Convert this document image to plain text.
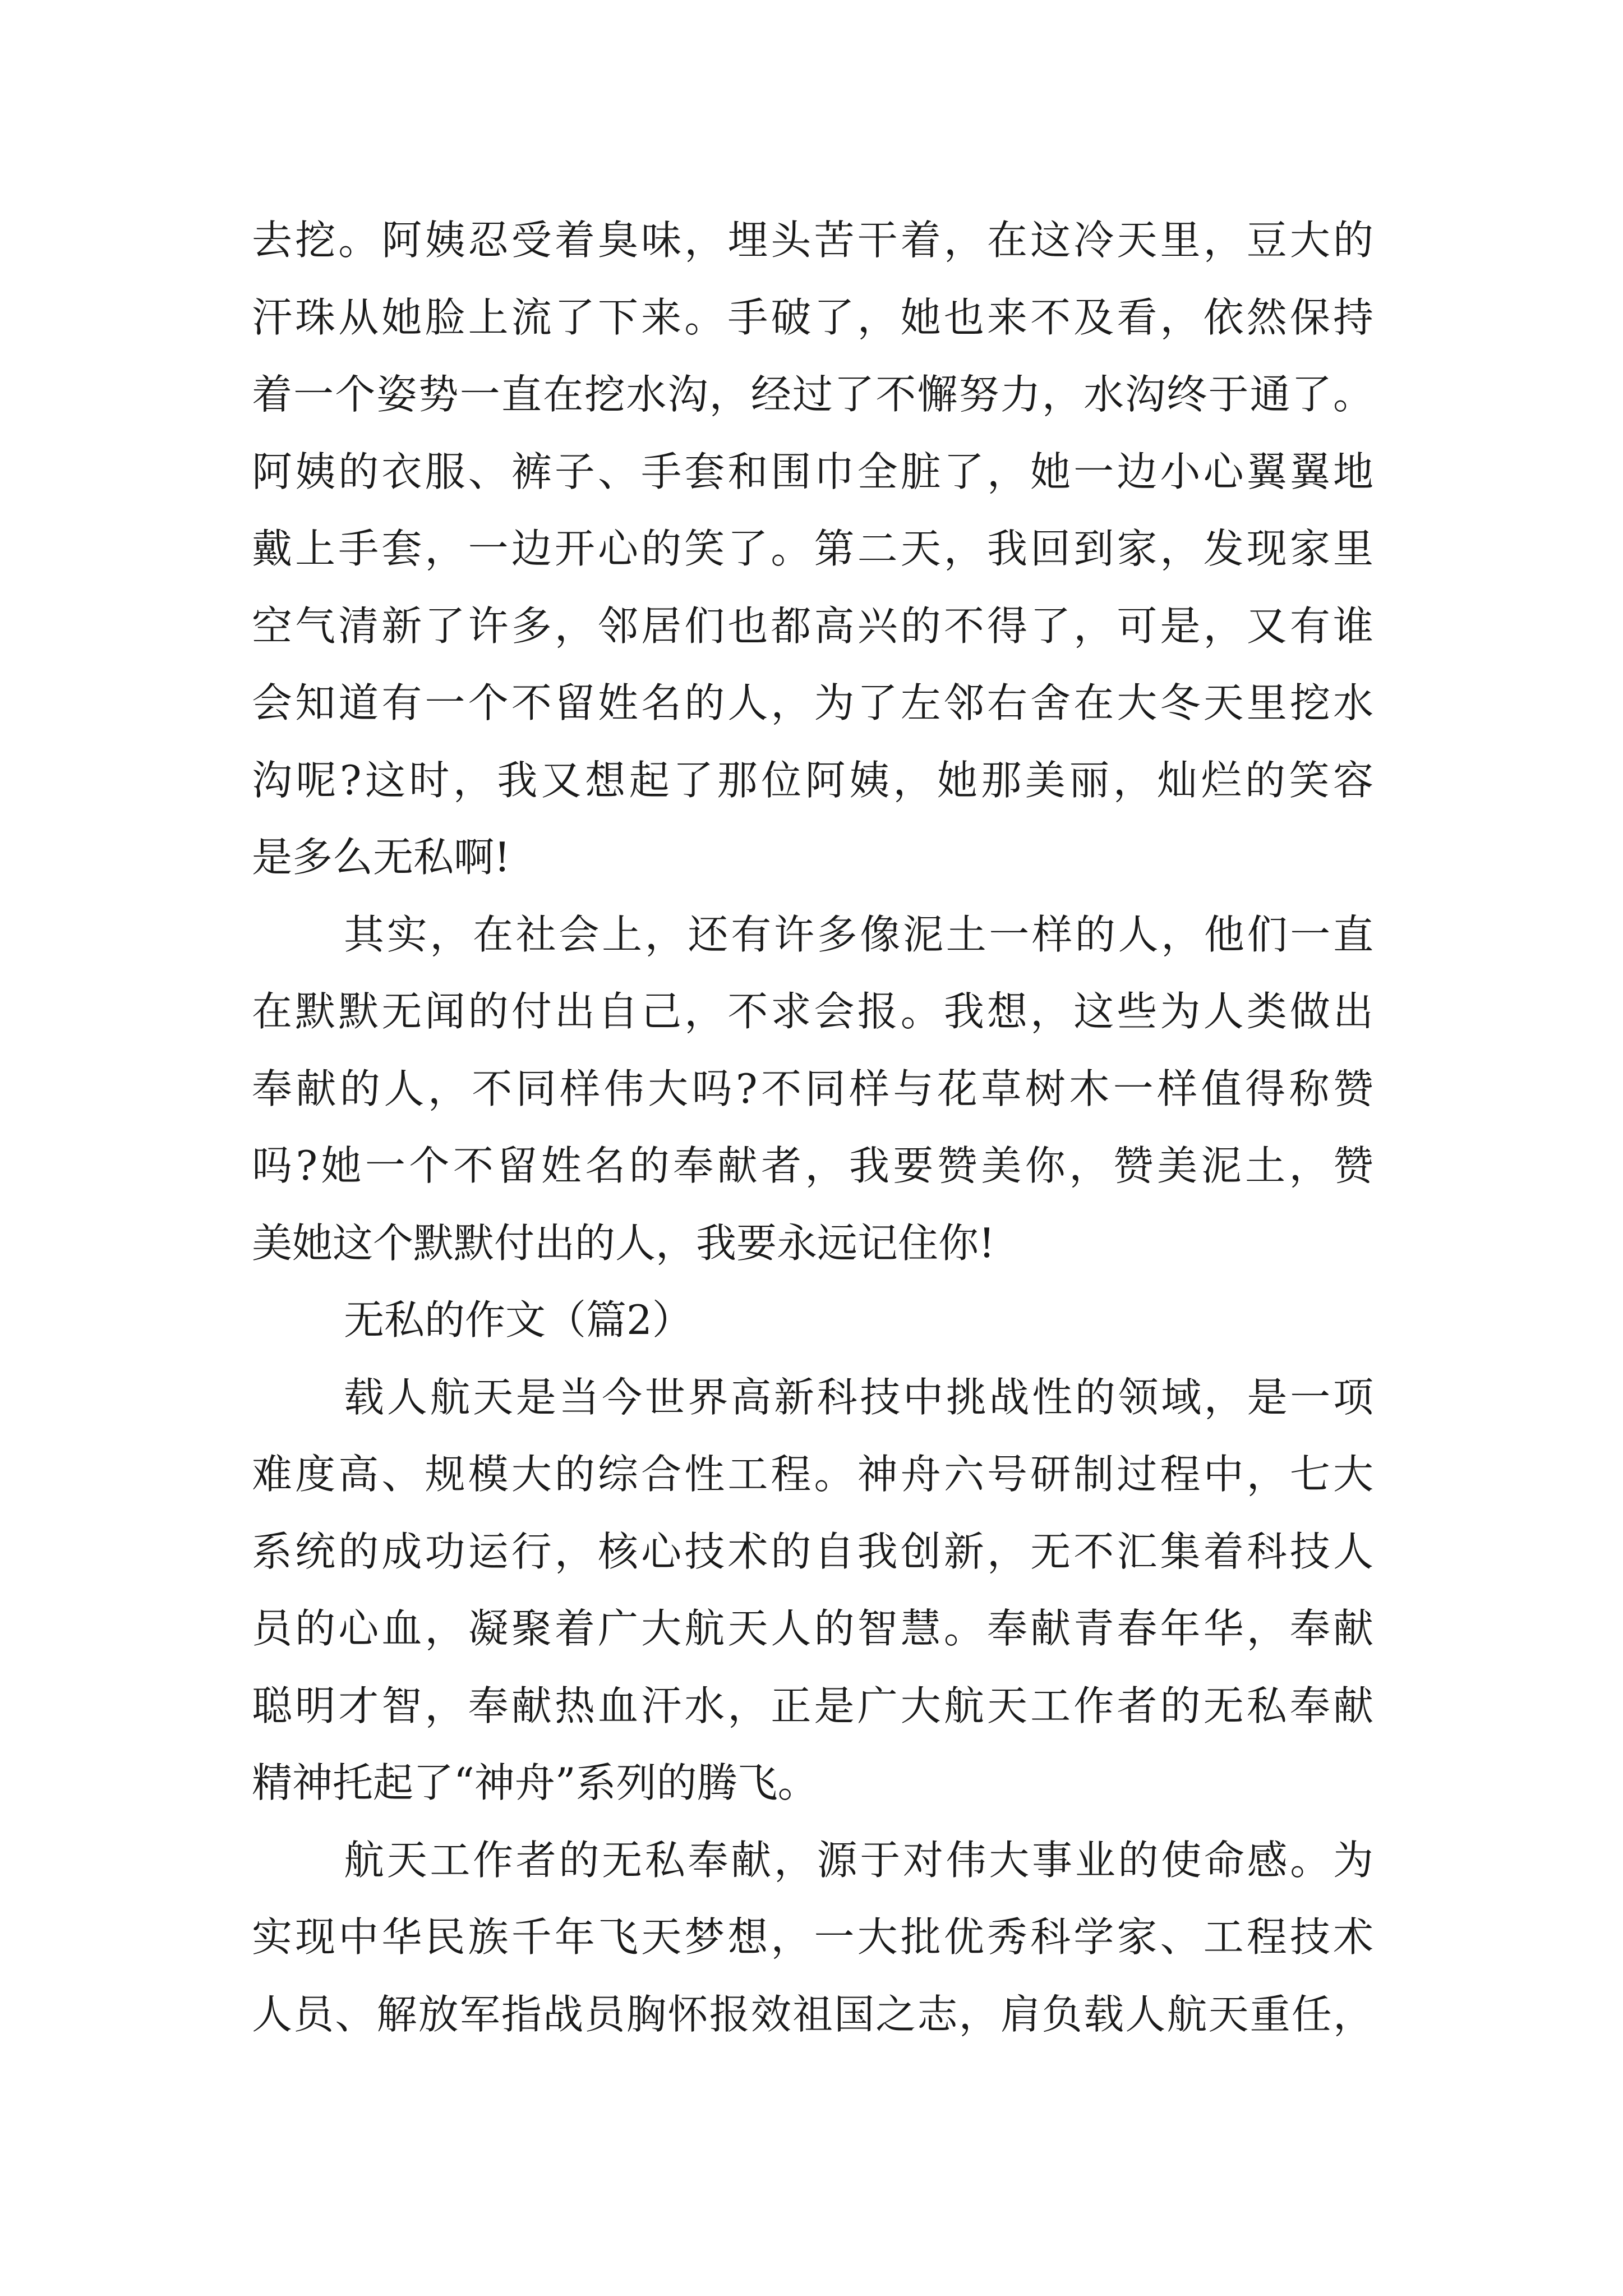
去挖。阿姨忍受着臭味，埋头苦干着，在这冷天里，豆大的
汗珠从她脸上流了下来。手破了，她也来不及看，依然保持
着一个姿势一直在挖水沟，经过了不懈努力，水沟终于通了。
阿姨的衣服、裤子、手套和围巾全脏了，她一边小心翼翼地
戴上手套，一边开心的笑了。第二天，我回到家，发现家里
空气清新了许多，邻居们也都高兴的不得了，可是，又有谁
会知道有一个不留姓名的人，为了左邻右舍在大冬天里挖水
沟呢?这时，我又想起了那位阿姨，她那美丽，灿烂的笑容
是多么无私啊!
其实，在社会上，还有许多像泥土一样的人，他们一直
在默默无闻的付出自己，不求会报。我想，这些为人类做出
奉献的人，不同样伟大吗?不同样与花草树木一样值得称赞
吗?她一个不留姓名的奉献者，我要赞美你，赞美泥土，赞
美她这个默默付出的人，我要永远记住你!
无私的作文（篇2）
载人航天是当今世界高新科技中挑战性的领域，是一项
难度高、规模大的综合性工程。神舟六号研制过程中，七大
系统的成功运行，核心技术的自我创新，无不汇集着科技人
员的心血，凝聚着广大航天人的智慧。奉献青春年华，奉献
聪明才智，奉献热血汗水，正是广大航天工作者的无私奉献
精神托起了“神舟”系列的腾飞。
航天工作者的无私奉献，源于对伟大事业的使命感。为
实现中华民族千年飞天梦想，一大批优秀科学家、工程技术
人员、解放军指战员胸怀报效祖国之志，肩负载人航天重任，
